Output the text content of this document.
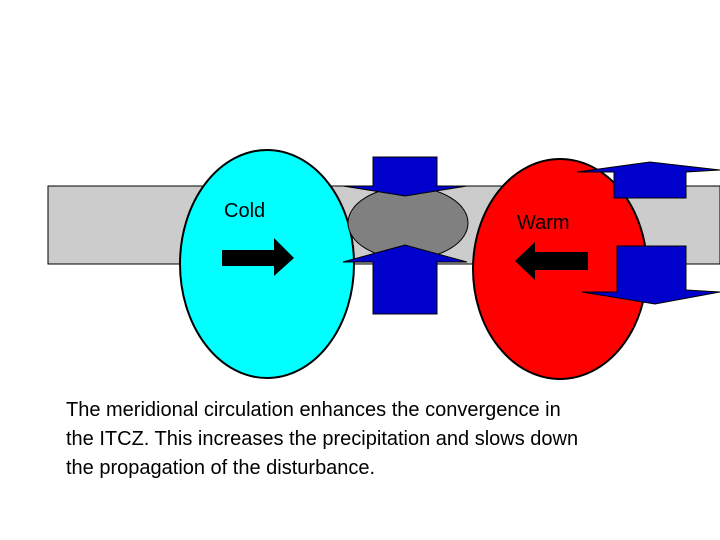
Cold
Warm
The meridional circulation enhances the convergence in
the ITCZ. This increases the precipitation and slows down
the propagation of the disturbance.
